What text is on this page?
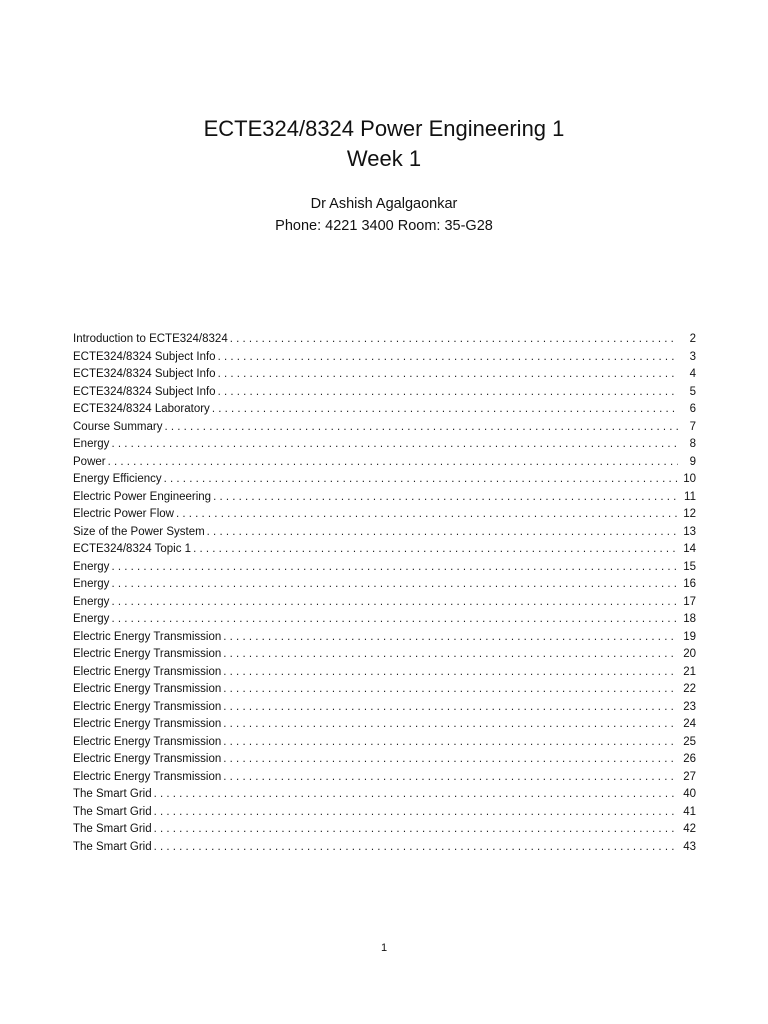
ECTE324/8324 Power Engineering 1
Week 1
Dr Ashish Agalgaonkar
Phone: 4221 3400 Room: 35-G28
Introduction to ECTE324/8324 . . .	2
ECTE324/8324 Subject Info . . .	3
ECTE324/8324 Subject Info . . .	4
ECTE324/8324 Subject Info . . .	5
ECTE324/8324 Laboratory . . .	6
Course Summary . . .	7
Energy . . .	8
Power . . .	9
Energy Efficiency . . .	10
Electric Power Engineering . . .	11
Electric Power Flow . . .	12
Size of the Power System . . .	13
ECTE324/8324 Topic 1 . . .	14
Energy . . .	15
Energy . . .	16
Energy . . .	17
Energy . . .	18
Electric Energy Transmission . . .	19
Electric Energy Transmission . . .	20
Electric Energy Transmission . . .	21
Electric Energy Transmission . . .	22
Electric Energy Transmission . . .	23
Electric Energy Transmission . . .	24
Electric Energy Transmission . . .	25
Electric Energy Transmission . . .	26
Electric Energy Transmission . . .	27
The Smart Grid . . .	40
The Smart Grid . . .	41
The Smart Grid . . .	42
The Smart Grid . . .	43
1
